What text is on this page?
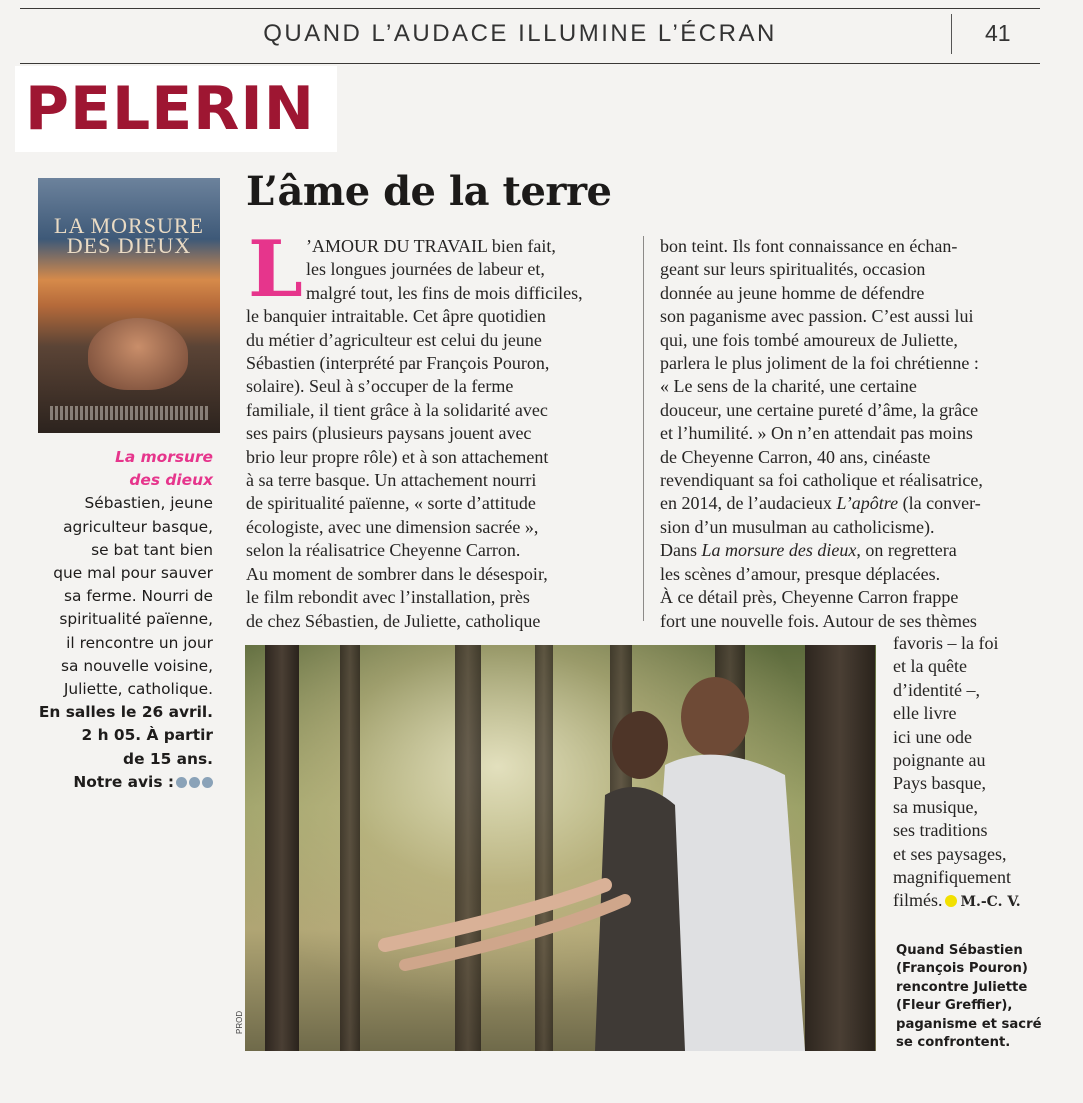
QUAND L’AUDACE ILLUMINE L’ÉCRAN	41
PELERIN
LA MORSURE
DES DIEUX
La morsure
des dieux
Sébastien, jeune
agriculteur basque,
se bat tant bien
que mal pour sauver
sa ferme. Nourri de
spiritualité païenne,
il rencontre un jour
sa nouvelle voisine,
Juliette, catholique.
En salles le 26 avril.
2 h 05. À partir
de 15 ans.
Notre avis :
L’âme de la terre
L ’AMOUR DU TRAVAIL bien fait,
les longues journées de labeur et,
malgré tout, les fins de mois difficiles,
le banquier intraitable. Cet âpre quotidien
du métier d’agriculteur est celui du jeune
Sébastien (interprété par François Pouron,
solaire). Seul à s’occuper de la ferme
familiale, il tient grâce à la solidarité avec
ses pairs (plusieurs paysans jouent avec
brio leur propre rôle) et à son attachement
à sa terre basque. Un attachement nourri
de spiritualité païenne, « sorte d’attitude
écologiste, avec une dimension sacrée »,
selon la réalisatrice Cheyenne Carron.
Au moment de sombrer dans le désespoir,
le film rebondit avec l’installation, près
de chez Sébastien, de Juliette, catholique
bon teint. Ils font connaissance en échan-
geant sur leurs spiritualités, occasion
donnée au jeune homme de défendre
son paganisme avec passion. C’est aussi lui
qui, une fois tombé amoureux de Juliette,
parlera le plus joliment de la foi chrétienne :
« Le sens de la charité, une certaine
douceur, une certaine pureté d’âme, la grâce
et l’humilité. » On n’en attendait pas moins
de Cheyenne Carron, 40 ans, cinéaste
revendiquant sa foi catholique et réalisatrice,
en 2014, de l’audacieux L’apôtre (la conver-
sion d’un musulman au catholicisme).
Dans La morsure des dieux, on regrettera
les scènes d’amour, presque déplacées.
À ce détail près, Cheyenne Carron frappe
fort une nouvelle fois. Autour de ses thèmes
favoris – la foi
et la quête
d’identité –,
elle livre
ici une ode
poignante au
Pays basque,
sa musique,
ses traditions
et ses paysages,
magnifiquement
filmés. M.-C. V.
PROD
Quand Sébastien
(François Pouron)
rencontre Juliette
(Fleur Greffier),
paganisme et sacré
se confrontent.
